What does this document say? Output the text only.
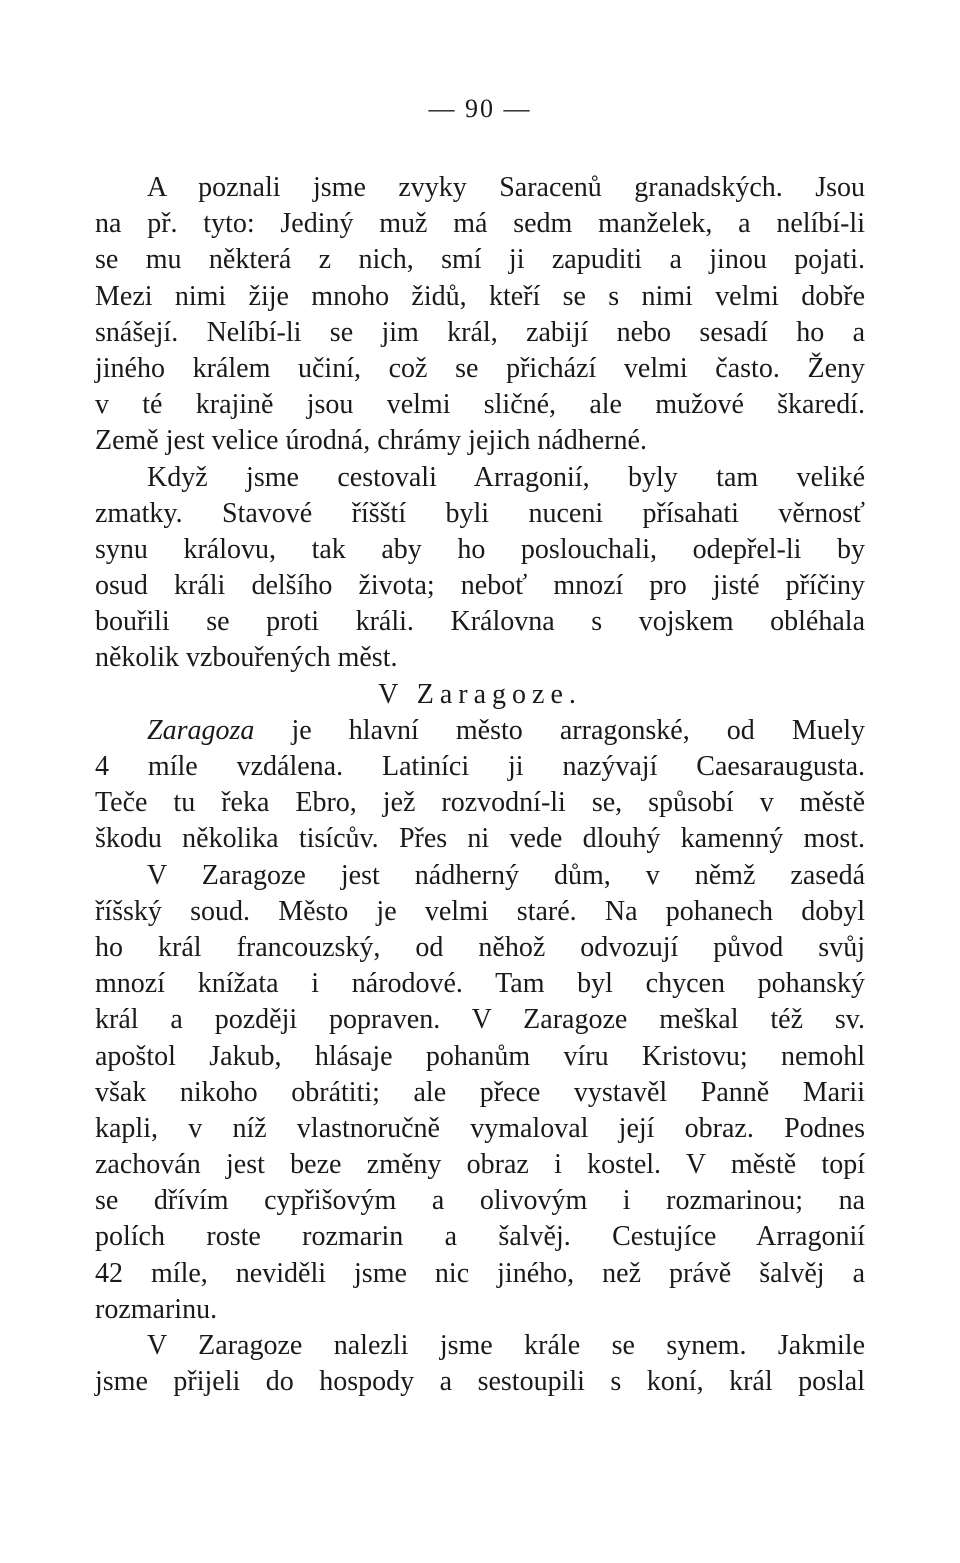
— 90 —
A poznali jsme zvyky Saracenů granadských. Jsou
na př. tyto: Jediný muž má sedm manželek, a nelíbí-li
se mu některá z nich, smí ji zapuditi a jinou pojati.
Mezi nimi žije mnoho židů, kteří se s nimi velmi dobře
snášejí. Nelíbí-li se jim král, zabijí nebo sesadí ho a
jiného králem učiní, což se přichází velmi často. Ženy
v té krajině jsou velmi sličné, ale mužové škaredí.
Země jest velice úrodná, chrámy jejich nádherné.
Když jsme cestovali Arragonií, byly tam veliké
zmatky. Stavové říšští byli nuceni přísahati věrnosť
synu královu, tak aby ho poslouchali, odepřel-li by
osud králi delšího života; neboť mnozí pro jisté příčiny
bouřili se proti králi. Královna s vojskem obléhala
několik vzbouřených měst.
V Zaragoze.
Zaragoza je hlavní město arragonské, od Muely
4 míle vzdálena. Latiníci ji nazývají Caesaraugusta.
Teče tu řeka Ebro, jež rozvodní-li se, spůsobí v městě
škodu několika tisícův. Přes ni vede dlouhý kamenný most.
V Zaragoze jest nádherný dům, v němž zasedá
říšský soud. Město je velmi staré. Na pohanech dobyl
ho král francouzský, od něhož odvozují původ svůj
mnozí knížata i národové. Tam byl chycen pohanský
král a později popraven. V Zaragoze meškal též sv.
apoštol Jakub, hlásaje pohanům víru Kristovu; nemohl
však nikoho obrátiti; ale přece vystavěl Panně Marii
kapli, v níž vlastnoručně vymaloval její obraz. Podnes
zachován jest beze změny obraz i kostel. V městě topí
se dřívím cypřišovým a olivovým i rozmarinou; na
polích roste rozmarin a šalvěj. Cestujíce Arragonií
42 míle, neviděli jsme nic jiného, než právě šalvěj a
rozmarinu.
V Zaragoze nalezli jsme krále se synem. Jakmile
jsme přijeli do hospody a sestoupili s koní, král poslal
